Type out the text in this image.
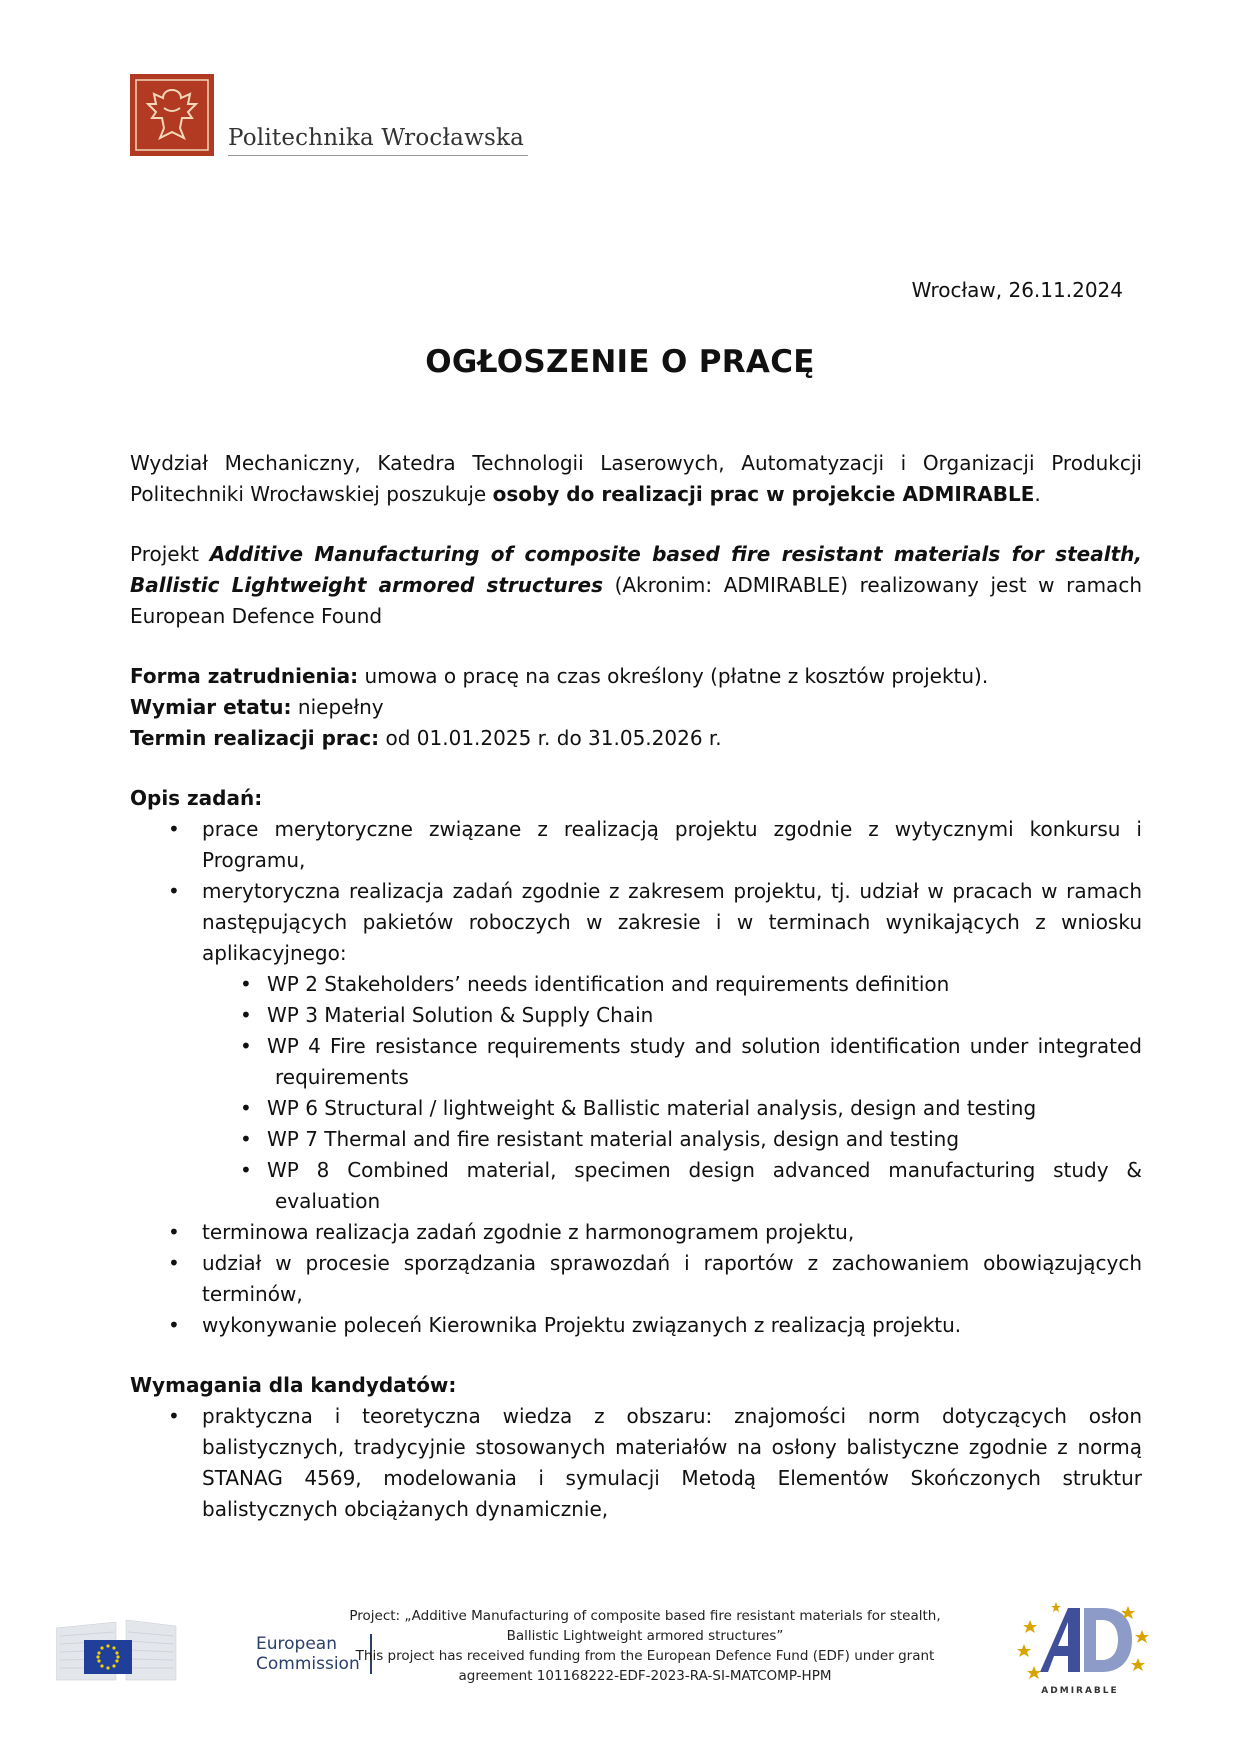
Politechnika Wrocławska
Wrocław, 26.11.2024
OGŁOSZENIE O PRACĘ

Wydział Mechaniczny, Katedra Technologii Laserowych, Automatyzacji i Organizacji Produkcji Politechniki Wrocławskiej poszukuje osoby do realizacji prac w projekcie ADMIRABLE.

Projekt Additive Manufacturing of composite based fire resistant materials for stealth, Ballistic Lightweight armored structures (Akronim: ADMIRABLE) realizowany jest w ramach European Defence Found

Forma zatrudnienia: umowa o pracę na czas określony (płatne z kosztów projektu).

Wymiar etatu: niepełny

Termin realizacji prac: od 01.01.2025 r. do 31.05.2026 r.

Opis zadań:

• prace merytoryczne związane z realizacją projektu zgodnie z wytycznymi konkursu i Programu,
• merytoryczna realizacja zadań zgodnie z zakresem projektu, tj. udział w pracach w ramach następujących pakietów roboczych w zakresie i w terminach wynikających z wniosku aplikacyjnego:
• WP 2 Stakeholders’ needs identification and requirements definition
• WP 3 Material Solution & Supply Chain
• WP 4 Fire resistance requirements study and solution identification under integrated requirements
• WP 6 Structural / lightweight & Ballistic material analysis, design and testing
• WP 7 Thermal and fire resistant material analysis, design and testing
• WP 8 Combined material, specimen design advanced manufacturing study & evaluation
• terminowa realizacja zadań zgodnie z harmonogramem projektu,
• udział w procesie sporządzania sprawozdań i raportów z zachowaniem obowiązujących terminów,
• wykonywanie poleceń Kierownika Projektu związanych z realizacją projektu.

Wymagania dla kandydatów:

• praktyczna i teoretyczna wiedza z obszaru: znajomości norm dotyczących osłon balistycznych, tradycyjnie stosowanych materiałów na osłony balistyczne zgodnie z normą STANAG 4569, modelowania i symulacji Metodą Elementów Skończonych struktur balistycznych obciążanych dynamicznie,
European
Commission
Project: „Additive Manufacturing of composite based fire resistant materials for stealth,
Ballistic Lightweight armored structures”
This project has received funding from the European Defence Fund (EDF) under grant
agreement 101168222-EDF-2023-RA-SI-MATCOMP-HPM
ADMIRABLE
